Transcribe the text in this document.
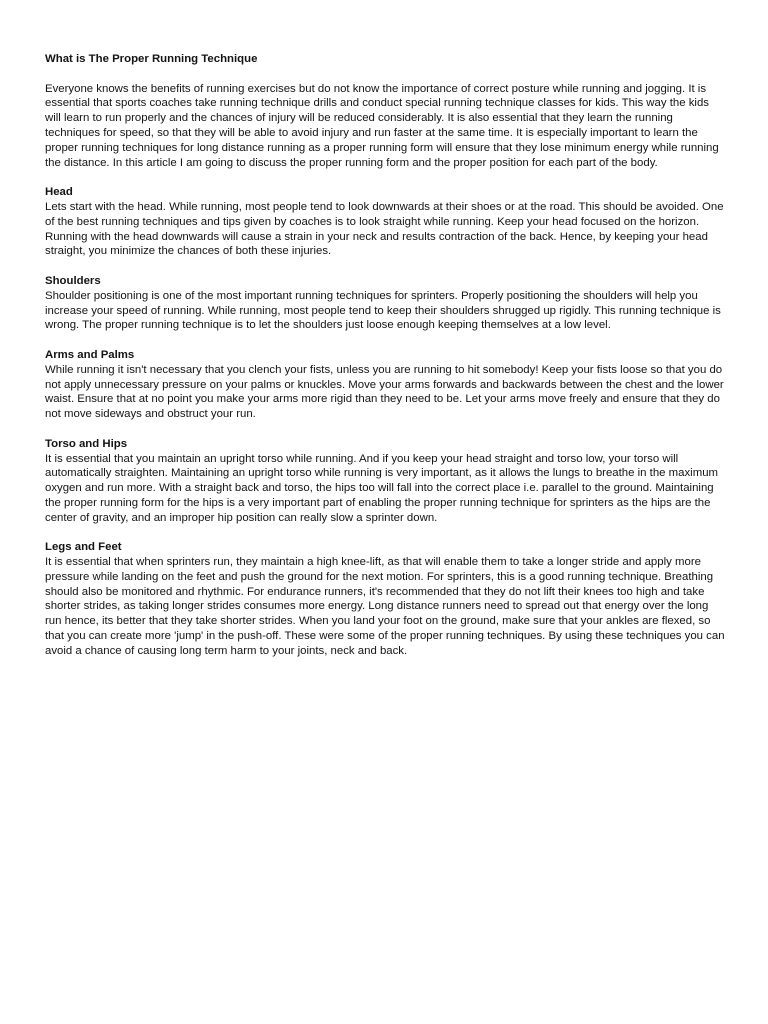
What is The Proper Running Technique

Everyone knows the benefits of running exercises but do not know the importance of correct posture while running and jogging. It is essential that sports coaches take running technique drills and conduct special running technique classes for kids. This way the kids will learn to run properly and the chances of injury will be reduced considerably. It is also essential that they learn the running techniques for speed, so that they will be able to avoid injury and run faster at the same time. It is especially important to learn the proper running techniques for long distance running as a proper running form will ensure that they lose minimum energy while running the distance. In this article I am going to discuss the proper running form and the proper position for each part of the body.

Head

Lets start with the head. While running, most people tend to look downwards at their shoes or at the road. This should be avoided. One of the best running techniques and tips given by coaches is to look straight while running. Keep your head focused on the horizon. Running with the head downwards will cause a strain in your neck and results contraction of the back. Hence, by keeping your head straight, you minimize the chances of both these injuries.

Shoulders

Shoulder positioning is one of the most important running techniques for sprinters. Properly positioning the shoulders will help you increase your speed of running. While running, most people tend to keep their shoulders shrugged up rigidly. This running technique is wrong. The proper running technique is to let the shoulders just loose enough keeping themselves at a low level.

Arms and Palms

While running it isn't necessary that you clench your fists, unless you are running to hit somebody! Keep your fists loose so that you do not apply unnecessary pressure on your palms or knuckles. Move your arms forwards and backwards between the chest and the lower waist. Ensure that at no point you make your arms more rigid than they need to be. Let your arms move freely and ensure that they do not move sideways and obstruct your run.

Torso and Hips

It is essential that you maintain an upright torso while running. And if you keep your head straight and torso low, your torso will automatically straighten. Maintaining an upright torso while running is very important, as it allows the lungs to breathe in the maximum oxygen and run more. With a straight back and torso, the hips too will fall into the correct place i.e. parallel to the ground. Maintaining the proper running form for the hips is a very important part of enabling the proper running technique for sprinters as the hips are the center of gravity, and an improper hip position can really slow a sprinter down.

Legs and Feet

It is essential that when sprinters run, they maintain a high knee-lift, as that will enable them to take a longer stride and apply more pressure while landing on the feet and push the ground for the next motion. For sprinters, this is a good running technique. Breathing should also be monitored and rhythmic. For endurance runners, it's recommended that they do not lift their knees too high and take shorter strides, as taking longer strides consumes more energy. Long distance runners need to spread out that energy over the long run hence, its better that they take shorter strides. When you land your foot on the ground, make sure that your ankles are flexed, so that you can create more 'jump' in the push-off. These were some of the proper running techniques. By using these techniques you can avoid a chance of causing long term harm to your joints, neck and back.
